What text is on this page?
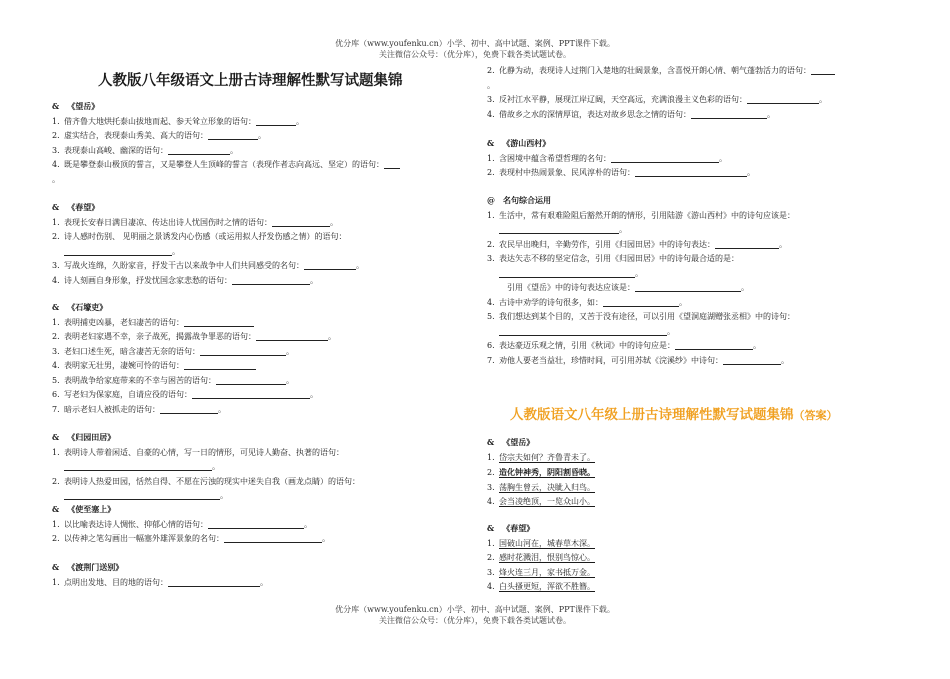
优分库（www.youfenku.cn）小学、初中、高中试题、案例、PPT课件下载。
关注微信公众号：（优分库），免费下载各类试题试卷。
人教版八年级语文上册古诗理解性默写试题集锦
& 《望岳》
1. 借齐鲁大地烘托泰山拔地而起、参天耸立形象的语句：	。
2. 虚实结合，表现泰山秀美、高大的语句：	。
3. 表现泰山高峻、幽深的语句：	。
4. 既是攀登泰山极顶的誓言，又是攀登人生顶峰的誓言（表现作者志向高远、坚定）的语句：
。
& 《春望》
1. 表现长安春日满目凄凉、传达出诗人忧国伤时之情的语句：	。
2. 诗人感时伤别、 见明丽之景诱发内心伤感（或运用拟人抒发伤感之情）的语句：
。
3. 写战火连绵，久盼家音，抒发干古以来战争中人们共同感受的名句：	。
4. 诗人刻画自身形象，抒发忧国念家悲愁的语句：	。
& 《石壕吏》
1. 表明捕吏凶暴，老妇凄苦的语句：
2. 表明老妇家遇不幸，亲子战死，揭露战争罪恶的语句：	。
3. 老妇口述生死，暗含凄苦无奈的语句：	。
4. 表明家无壮男，凄婉可怜的语句：
5. 表明战争给家庭带来的不幸与困苦的语句：	。
6. 写老妇为保家庭，自请应役的语句：	。
7. 暗示老妇人被抓走的语句：	。
& 《归园田居》
1. 表明诗人带着闲适、自豪的心情，写一日的情形，可见诗人勤奋、执著的语句：
。
2. 表明诗人热爱田园，恬然自得、不愿在污浊的现实中迷失自我（画龙点睛）的语句：
。
& 《使至塞上》
1. 以比喻表达诗人惆怅、抑郁心情的语句：	。
2. 以传神之笔勾画出一幅塞外雄浑景象的名句：	。
& 《渡荆门送别》
1. 点明出发地、目的地的语句：	。
2. 化静为动，表现诗人过荆门入楚地的壮阔景象，含喜悦开朗心情、朝气蓬勃活力的语句：
。
3. 反衬江水平静，展现江岸辽阔，天空高远，充满浪漫主义色彩的语句：	。
4. 借故乡之水的深情厚谊，表达对故乡思念之情的语句：	。
& 《游山西村》
1. 含困境中蕴含希望哲理的名句：	。
2. 表现村中热闹景象、民风淳朴的语句：	。
@ 名句综合运用
1. 生活中，常有艰难险阻后豁然开朗的情形，引用陆游《游山西村》中的诗句应该是：
。
2. 农民早出晚归，辛勤劳作，引用《归园田居》中的诗句表达：	。
3. 表达矢志不移的坚定信念，引用《归园田居》中的诗句最合适的是：
。
引用《望岳》中的诗句表达应该是：	。
4. 古诗中劝学的诗句很多，如：	。
5. 我们想达到某个目的，又苦于没有途径，可以引用《望洞庭湖赠张丞相》中的诗句：
。
6. 表达豪迈乐观之情，引用《秋词》中的诗句应是：	。
7. 劝他人要老当益壮，珍惜时间，可引用苏轼《浣溪纱》中诗句：	。
人教版语文八年级上册古诗理解性默写试题集锦（答案）
& 《望岳》
1. 岱宗夫如何？齐鲁青未了。
2. 造化钟神秀，阴阳割昏晓。
3. 荡胸生曾云，决眦入归鸟。
4. 会当凌绝顶，一览众山小。
& 《春望》
1. 国破山河在，城春草木深。
2. 感时花溅泪，恨别鸟惊心。
3. 烽火连三月，家书抵万金。
4. 白头搔更短，浑欲不胜簪。
优分库（www.youfenku.cn）小学、初中、高中试题、案例、PPT课件下载。
关注微信公众号：（优分库），免费下载各类试题试卷。
